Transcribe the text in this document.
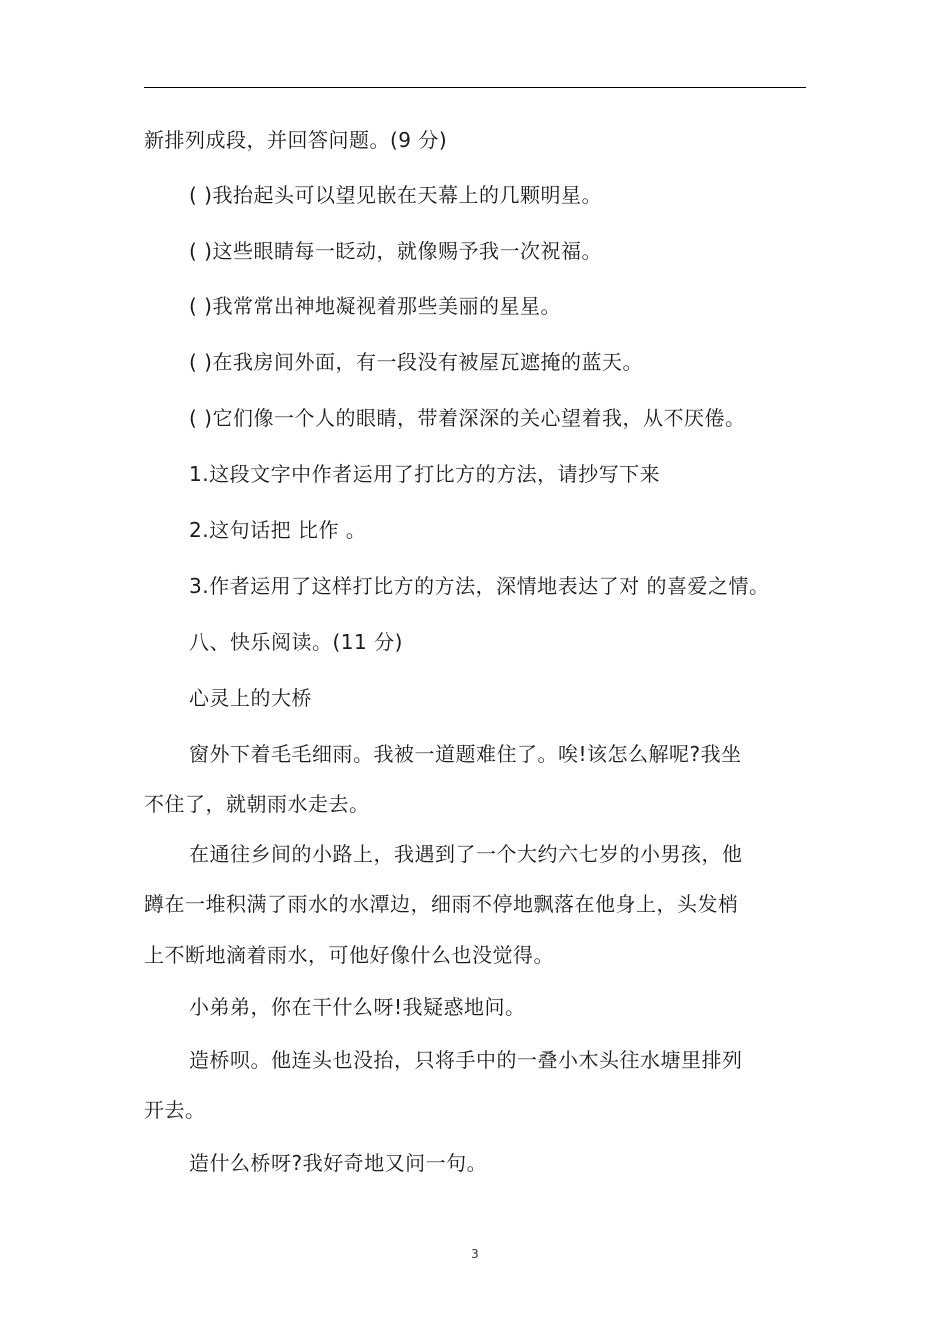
新排列成段，并回答问题。(9 分)
( )我抬起头可以望见嵌在天幕上的几颗明星。
( )这些眼睛每一眨动，就像赐予我一次祝福。
( )我常常出神地凝视着那些美丽的星星。
( )在我房间外面，有一段没有被屋瓦遮掩的蓝天。
( )它们像一个人的眼睛，带着深深的关心望着我，从不厌倦。
1.这段文字中作者运用了打比方的方法，请抄写下来
2.这句话把 比作 。
3.作者运用了这样打比方的方法，深情地表达了对 的喜爱之情。
八、快乐阅读。(11 分)
心灵上的大桥
窗外下着毛毛细雨。我被一道题难住了。唉!该怎么解呢?我坐
不住了，就朝雨水走去。
在通往乡间的小路上，我遇到了一个大约六七岁的小男孩，他
蹲在一堆积满了雨水的水潭边，细雨不停地飘落在他身上，头发梢
上不断地滴着雨水，可他好像什么也没觉得。
小弟弟，你在干什么呀!我疑惑地问。
造桥呗。他连头也没抬，只将手中的一叠小木头往水塘里排列
开去。
造什么桥呀?我好奇地又问一句。
3
